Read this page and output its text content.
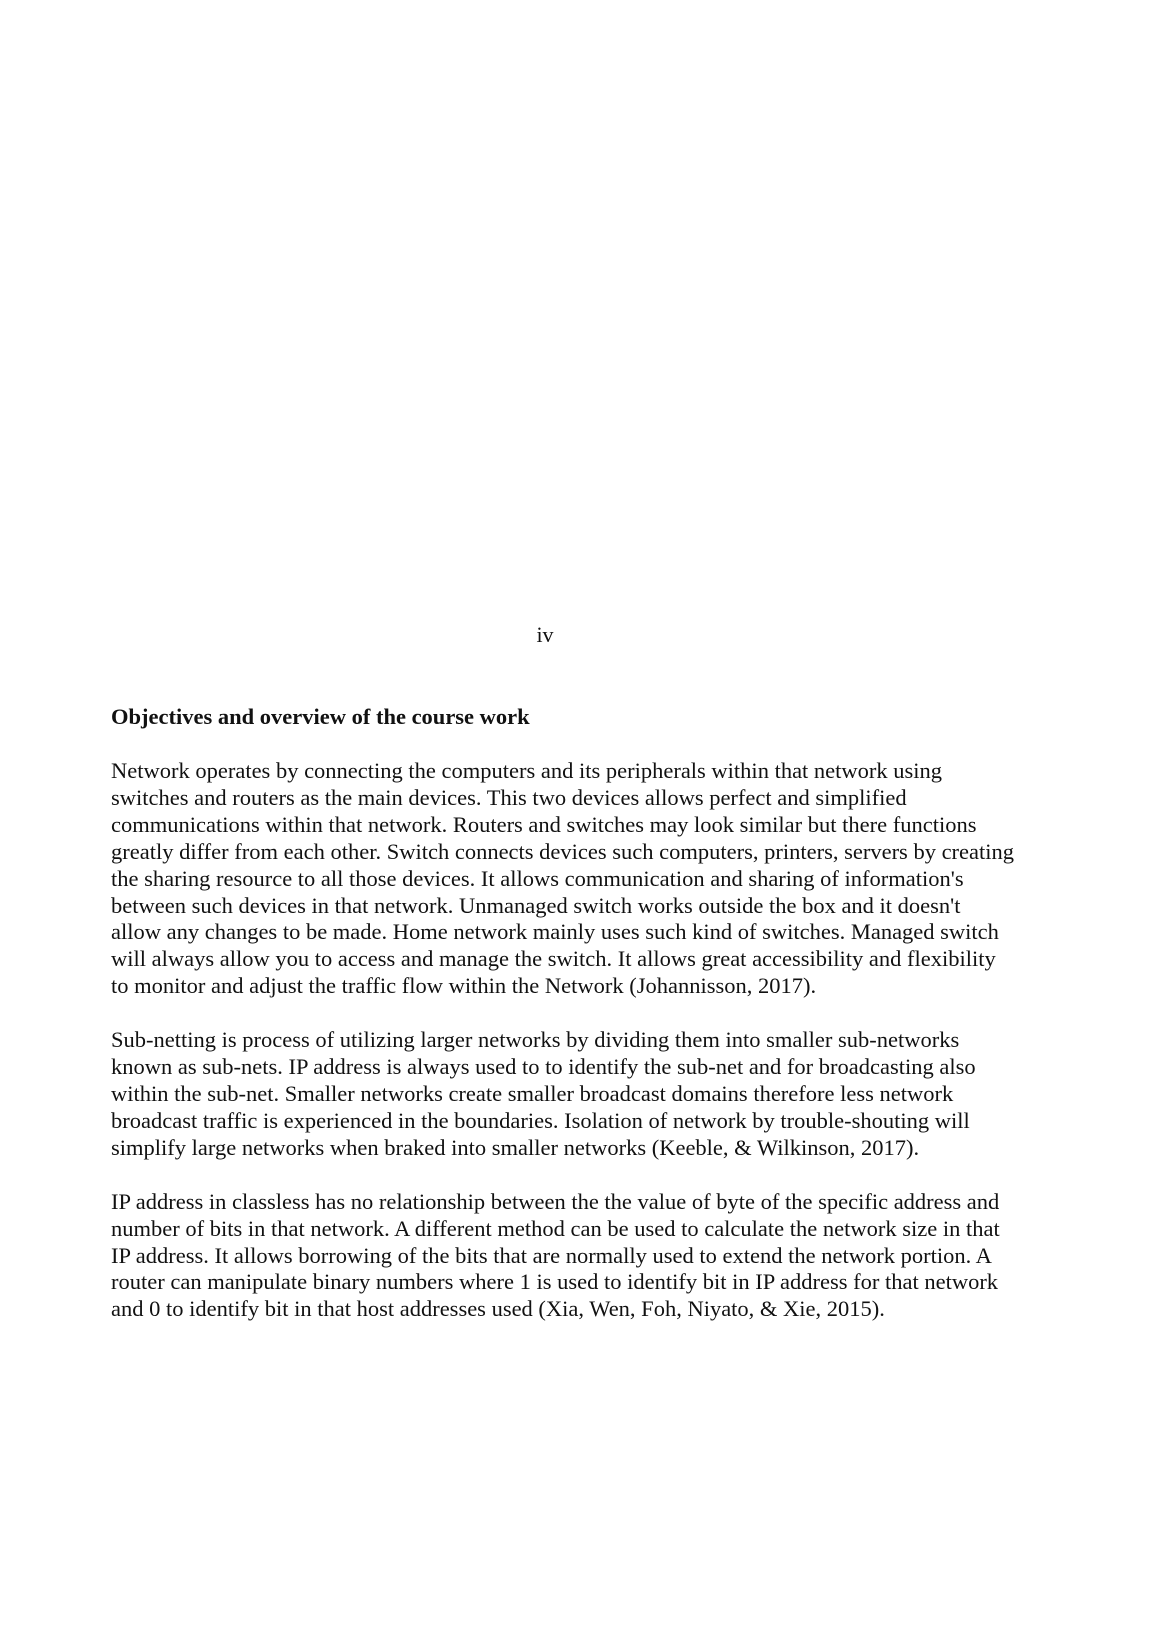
iv
Objectives and overview of the course work

Network operates by connecting the computers and its peripherals within that network using
switches and routers as the main devices. This two devices allows perfect and simplified
communications within that network. Routers and switches may look similar but there functions
greatly differ from each other. Switch connects devices such computers, printers, servers by creating
the sharing resource to all those devices. It allows communication and sharing of information's
between such devices in that network. Unmanaged switch works outside the box and it doesn't
allow any changes to be made. Home network mainly uses such kind of switches. Managed switch
will always allow you to access and manage the switch. It allows great accessibility and flexibility
to monitor and adjust the traffic flow within the Network (Johannisson, 2017).

Sub-netting is process of utilizing larger networks by dividing them into smaller sub-networks
known as sub-nets. IP address is always used to to identify the sub-net and for broadcasting also
within the sub-net. Smaller networks create smaller broadcast domains therefore less network
broadcast traffic is experienced in the boundaries. Isolation of network by trouble-shouting will
simplify large networks when braked into smaller networks (Keeble, & Wilkinson, 2017).

IP address in classless has no relationship between the the value of byte of the specific address and
number of bits in that network. A different method can be used to calculate the network size in that
IP address. It allows borrowing of the bits that are normally used to extend the network portion. A
router can manipulate binary numbers where 1 is used to identify bit in IP address for that network
and 0 to identify bit in that host addresses used (Xia, Wen, Foh, Niyato, & Xie, 2015).
